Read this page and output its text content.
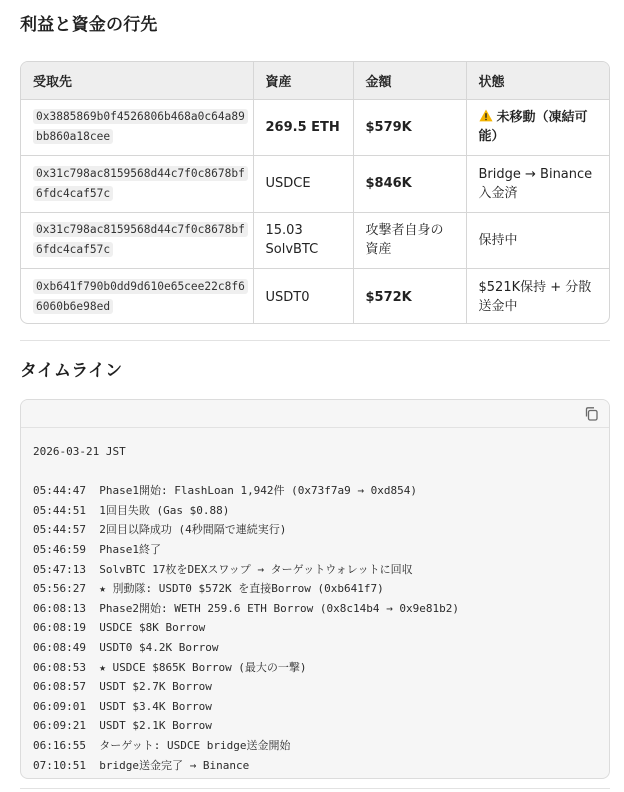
利益と資金の行先
受取先	資産	金額	状態
0x3885869b0f4526806b468a0c64a89bb860a18cee	269.5 ETH	$579K	未移動（凍結可能）
0x31c798ac8159568d44c7f0c8678bf6fdc4caf57c	USDCE	$846K	Bridge → Binance入金済
0x31c798ac8159568d44c7f0c8678bf6fdc4caf57c	15.03 SolvBTC	攻撃者自身の資産	保持中
0xb641f790b0dd9d610e65cee22c8f66060b6e98ed	USDT0	$572K	$521K保持 + 分散送金中
タイムライン
2026-03-21 JST

05:44:47 Phase1開始: FlashLoan 1,942件 (0x73f7a9 → 0xd854)
05:44:51 1回目失敗 (Gas $0.88)
05:44:57 2回目以降成功 (4秒間隔で連続実行)
05:46:59 Phase1終了
05:47:13 SolvBTC 17枚をDEXスワップ → ターゲットウォレットに回収
05:56:27 ★ 別動隊: USDT0 $572K を直接Borrow (0xb641f7)
06:08:13 Phase2開始: WETH 259.6 ETH Borrow (0x8c14b4 → 0x9e81b2)
06:08:19 USDCE $8K Borrow
06:08:49 USDT0 $4.2K Borrow
06:08:53 ★ USDCE $865K Borrow (最大の一撃)
06:08:57 USDT $2.7K Borrow
06:09:01 USDT $3.4K Borrow
06:09:21 USDT $2.1K Borrow
06:16:55 ターゲット: USDCE bridge送金開始
07:10:51 bridge送金完了 → Binance
